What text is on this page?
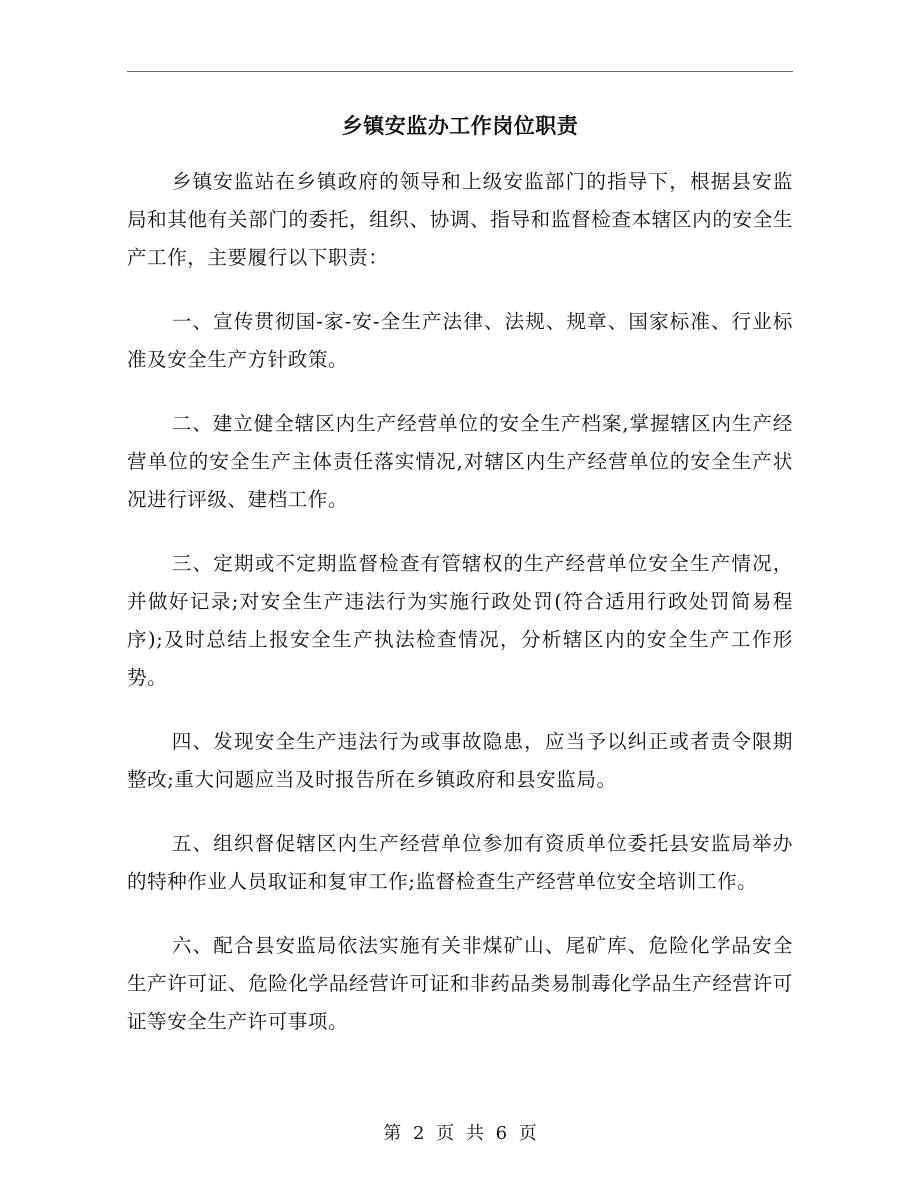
乡镇安监办工作岗位职责

乡镇安监站在乡镇政府的领导和上级安监部门的指导下，根据县安监局和其他有关部门的委托，组织、协调、指导和监督检查本辖区内的安全生产工作，主要履行以下职责：

一、宣传贯彻国-家-安-全生产法律、法规、规章、国家标准、行业标准及安全生产方针政策。

二、建立健全辖区内生产经营单位的安全生产档案,掌握辖区内生产经营单位的安全生产主体责任落实情况,对辖区内生产经营单位的安全生产状况进行评级、建档工作。

三、定期或不定期监督检查有管辖权的生产经营单位安全生产情况，并做好记录;对安全生产违法行为实施行政处罚(符合适用行政处罚简易程序);及时总结上报安全生产执法检查情况，分析辖区内的安全生产工作形势。

四、发现安全生产违法行为或事故隐患，应当予以纠正或者责令限期整改;重大问题应当及时报告所在乡镇政府和县安监局。

五、组织督促辖区内生产经营单位参加有资质单位委托县安监局举办的特种作业人员取证和复审工作;监督检查生产经营单位安全培训工作。

六、配合县安监局依法实施有关非煤矿山、尾矿库、危险化学品安全生产许可证、危险化学品经营许可证和非药品类易制毒化学品生产经营许可证等安全生产许可事项。

第 2 页 共 6 页
